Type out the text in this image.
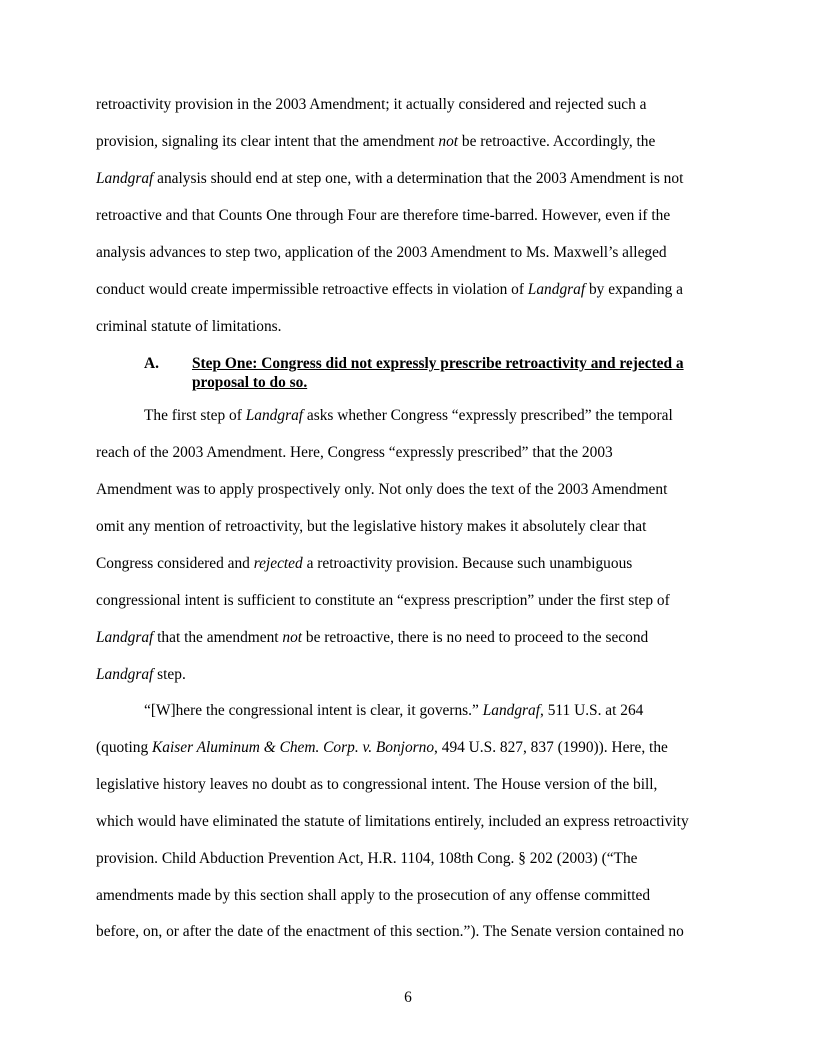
retroactivity provision in the 2003 Amendment; it actually considered and rejected such a
provision, signaling its clear intent that the amendment not be retroactive. Accordingly, the
Landgraf analysis should end at step one, with a determination that the 2003 Amendment is not
retroactive and that Counts One through Four are therefore time-barred. However, even if the
analysis advances to step two, application of the 2003 Amendment to Ms. Maxwell’s alleged
conduct would create impermissible retroactive effects in violation of Landgraf by expanding a
criminal statute of limitations.
A. Step One: Congress did not expressly prescribe retroactivity and rejected a
proposal to do so.
The first step of Landgraf asks whether Congress “expressly prescribed” the temporal
reach of the 2003 Amendment. Here, Congress “expressly prescribed” that the 2003
Amendment was to apply prospectively only. Not only does the text of the 2003 Amendment
omit any mention of retroactivity, but the legislative history makes it absolutely clear that
Congress considered and rejected a retroactivity provision. Because such unambiguous
congressional intent is sufficient to constitute an “express prescription” under the first step of
Landgraf that the amendment not be retroactive, there is no need to proceed to the second
Landgraf step.
“[W]here the congressional intent is clear, it governs.” Landgraf, 511 U.S. at 264
(quoting Kaiser Aluminum & Chem. Corp. v. Bonjorno, 494 U.S. 827, 837 (1990)). Here, the
legislative history leaves no doubt as to congressional intent. The House version of the bill,
which would have eliminated the statute of limitations entirely, included an express retroactivity
provision. Child Abduction Prevention Act, H.R. 1104, 108th Cong. § 202 (2003) (“The
amendments made by this section shall apply to the prosecution of any offense committed
before, on, or after the date of the enactment of this section.”). The Senate version contained no
6
